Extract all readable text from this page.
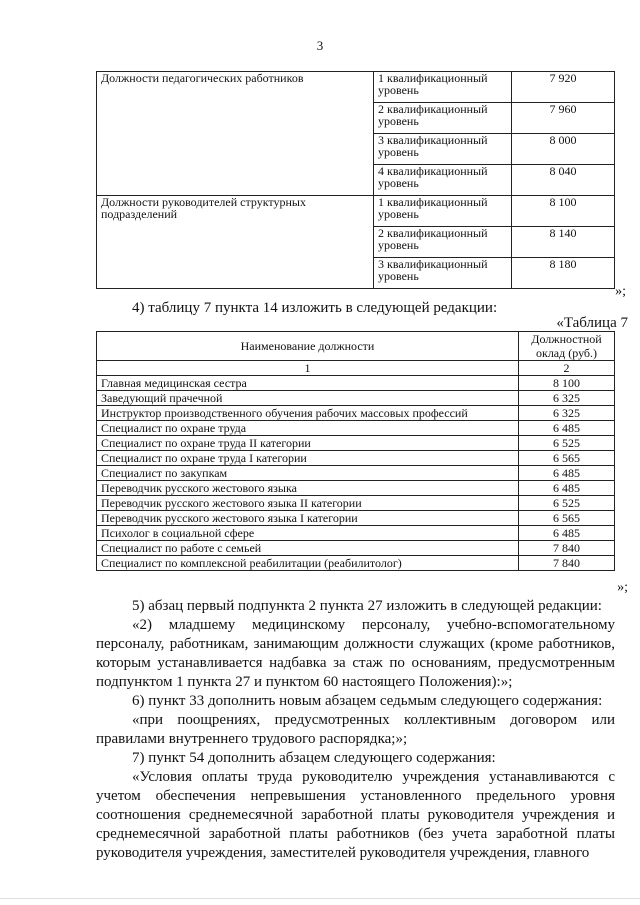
3
Должности педагогических работников	1 квалификационный уровень	7 920
	2 квалификационный уровень	7 960
	3 квалификационный уровень	8 000
	4 квалификационный уровень	8 040
Должности руководителей структурных подразделений	1 квалификационный уровень	8 100
	2 квалификационный уровень	8 140
	3 квалификационный уровень	8 180
»;
4) таблицу 7 пункта 14 изложить в следующей редакции:
«Таблица 7
Наименование должности	Должностной оклад (руб.)
1	2
Главная медицинская сестра	8 100
Заведующий прачечной	6 325
Инструктор производственного обучения рабочих массовых профессий	6 325
Специалист по охране труда	6 485
Специалист по охране труда II категории	6 525
Специалист по охране труда I категории	6 565
Специалист по закупкам	6 485
Переводчик русского жестового языка	6 485
Переводчик русского жестового языка II категории	6 525
Переводчик русского жестового языка I категории	6 565
Психолог в социальной сфере	6 485
Специалист по работе с семьей	7 840
Специалист по комплексной реабилитации (реабилитолог)	7 840
»;

5) абзац первый подпункта 2 пункта 27 изложить в следующей редакции:

«2) младшему медицинскому персоналу, учебно-вспомогательному персоналу, работникам, занимающим должности служащих (кроме работников, которым устанавливается надбавка за стаж по основаниям, предусмотренным подпунктом 1 пункта 27 и пунктом 60 настоящего Положения):»;

6) пункт 33 дополнить новым абзацем седьмым следующего содержания:

«при поощрениях, предусмотренных коллективным договором или правилами внутреннего трудового распорядка;»;

7) пункт 54 дополнить абзацем следующего содержания:

«Условия оплаты труда руководителю учреждения устанавливаются с учетом обеспечения непревышения установленного предельного уровня соотношения среднемесячной заработной платы руководителя учреждения и среднемесячной заработной платы работников (без учета заработной платы руководителя учреждения, заместителей руководителя учреждения, главного
